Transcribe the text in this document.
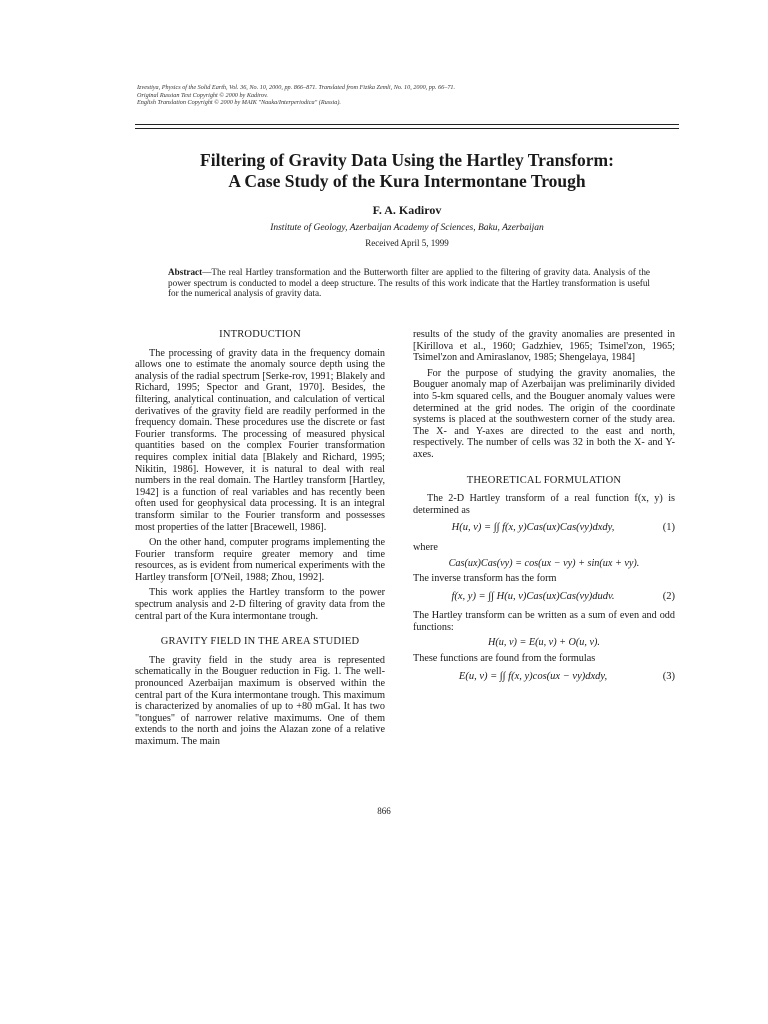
Izvestiya, Physics of the Solid Earth, Vol. 36, No. 10, 2000, pp. 866–871. Translated from Fizika Zemli, No. 10, 2000, pp. 66–71.
Original Russian Text Copyright © 2000 by Kadirov.
English Translation Copyright © 2000 by MAIK "Nauka/Interperiodica" (Russia).
Filtering of Gravity Data Using the Hartley Transform:
A Case Study of the Kura Intermontane Trough
F. A. Kadirov
Institute of Geology, Azerbaijan Academy of Sciences, Baku, Azerbaijan
Received April 5, 1999
Abstract—The real Hartley transformation and the Butterworth filter are applied to the filtering of gravity data. Analysis of the power spectrum is conducted to model a deep structure. The results of this work indicate that the Hartley transformation is useful for the numerical analysis of gravity data.
INTRODUCTION

The processing of gravity data in the frequency domain allows one to estimate the anomaly source depth using the analysis of the radial spectrum [Serke-rov, 1991; Blakely and Richard, 1995; Spector and Grant, 1970]. Besides, the filtering, analytical continuation, and calculation of vertical derivatives of the gravity field are readily performed in the frequency domain. These procedures use the discrete or fast Fourier transforms. The processing of measured physical quantities based on the complex Fourier transformation requires complex initial data [Blakely and Richard, 1995; Nikitin, 1986]. However, it is natural to deal with real numbers in the real domain. The Hartley transform [Hartley, 1942] is a function of real variables and has recently been often used for geophysical data processing. It is an integral transform similar to the Fourier transform and possesses most properties of the latter [Bracewell, 1986].

On the other hand, computer programs implementing the Fourier transform require greater memory and time resources, as is evident from numerical experiments with the Hartley transform [O'Neil, 1988; Zhou, 1992].

This work applies the Hartley transform to the power spectrum analysis and 2-D filtering of gravity data from the central part of the Kura intermontane trough.

GRAVITY FIELD IN THE AREA STUDIED

The gravity field in the study area is represented schematically in the Bouguer reduction in Fig. 1. The well-pronounced Azerbaijan maximum is observed within the central part of the Kura intermontane trough. This maximum is characterized by anomalies of up to +80 mGal. It has two "tongues" of narrower relative maximums. One of them extends to the north and joins the Alazan zone of a relative maximum. The main

results of the study of the gravity anomalies are presented in [Kirillova et al., 1960; Gadzhiev, 1965; Tsimel'zon, 1965; Tsimel'zon and Amiraslanov, 1985; Shengelaya, 1984]

For the purpose of studying the gravity anomalies, the Bouguer anomaly map of Azerbaijan was preliminarily divided into 5-km squared cells, and the Bouguer anomaly values were determined at the grid nodes. The origin of the coordinate systems is placed at the southwestern corner of the study area. The X- and Y-axes are directed to the east and north, respectively. The number of cells was 32 in both the X- and Y-axes.

THEORETICAL FORMULATION

The 2-D Hartley transform of a real function f(x, y) is determined as

H(u, v) = ∫∫ f(x, y)Cas(ux)Cas(vy)dxdy,	(1)

where

Cas(ux)Cas(vy) = cos(ux − vy) + sin(ux + vy).

The inverse transform has the form

f(x, y) = ∫∫ H(u, v)Cas(ux)Cas(vy)dudv.	(2)

The Hartley transform can be written as a sum of even and odd functions:

H(u, v) = E(u, v) + O(u, v).

These functions are found from the formulas

E(u, v) = ∫∫ f(x, y)cos(ux − vy)dxdy,	(3)
866
